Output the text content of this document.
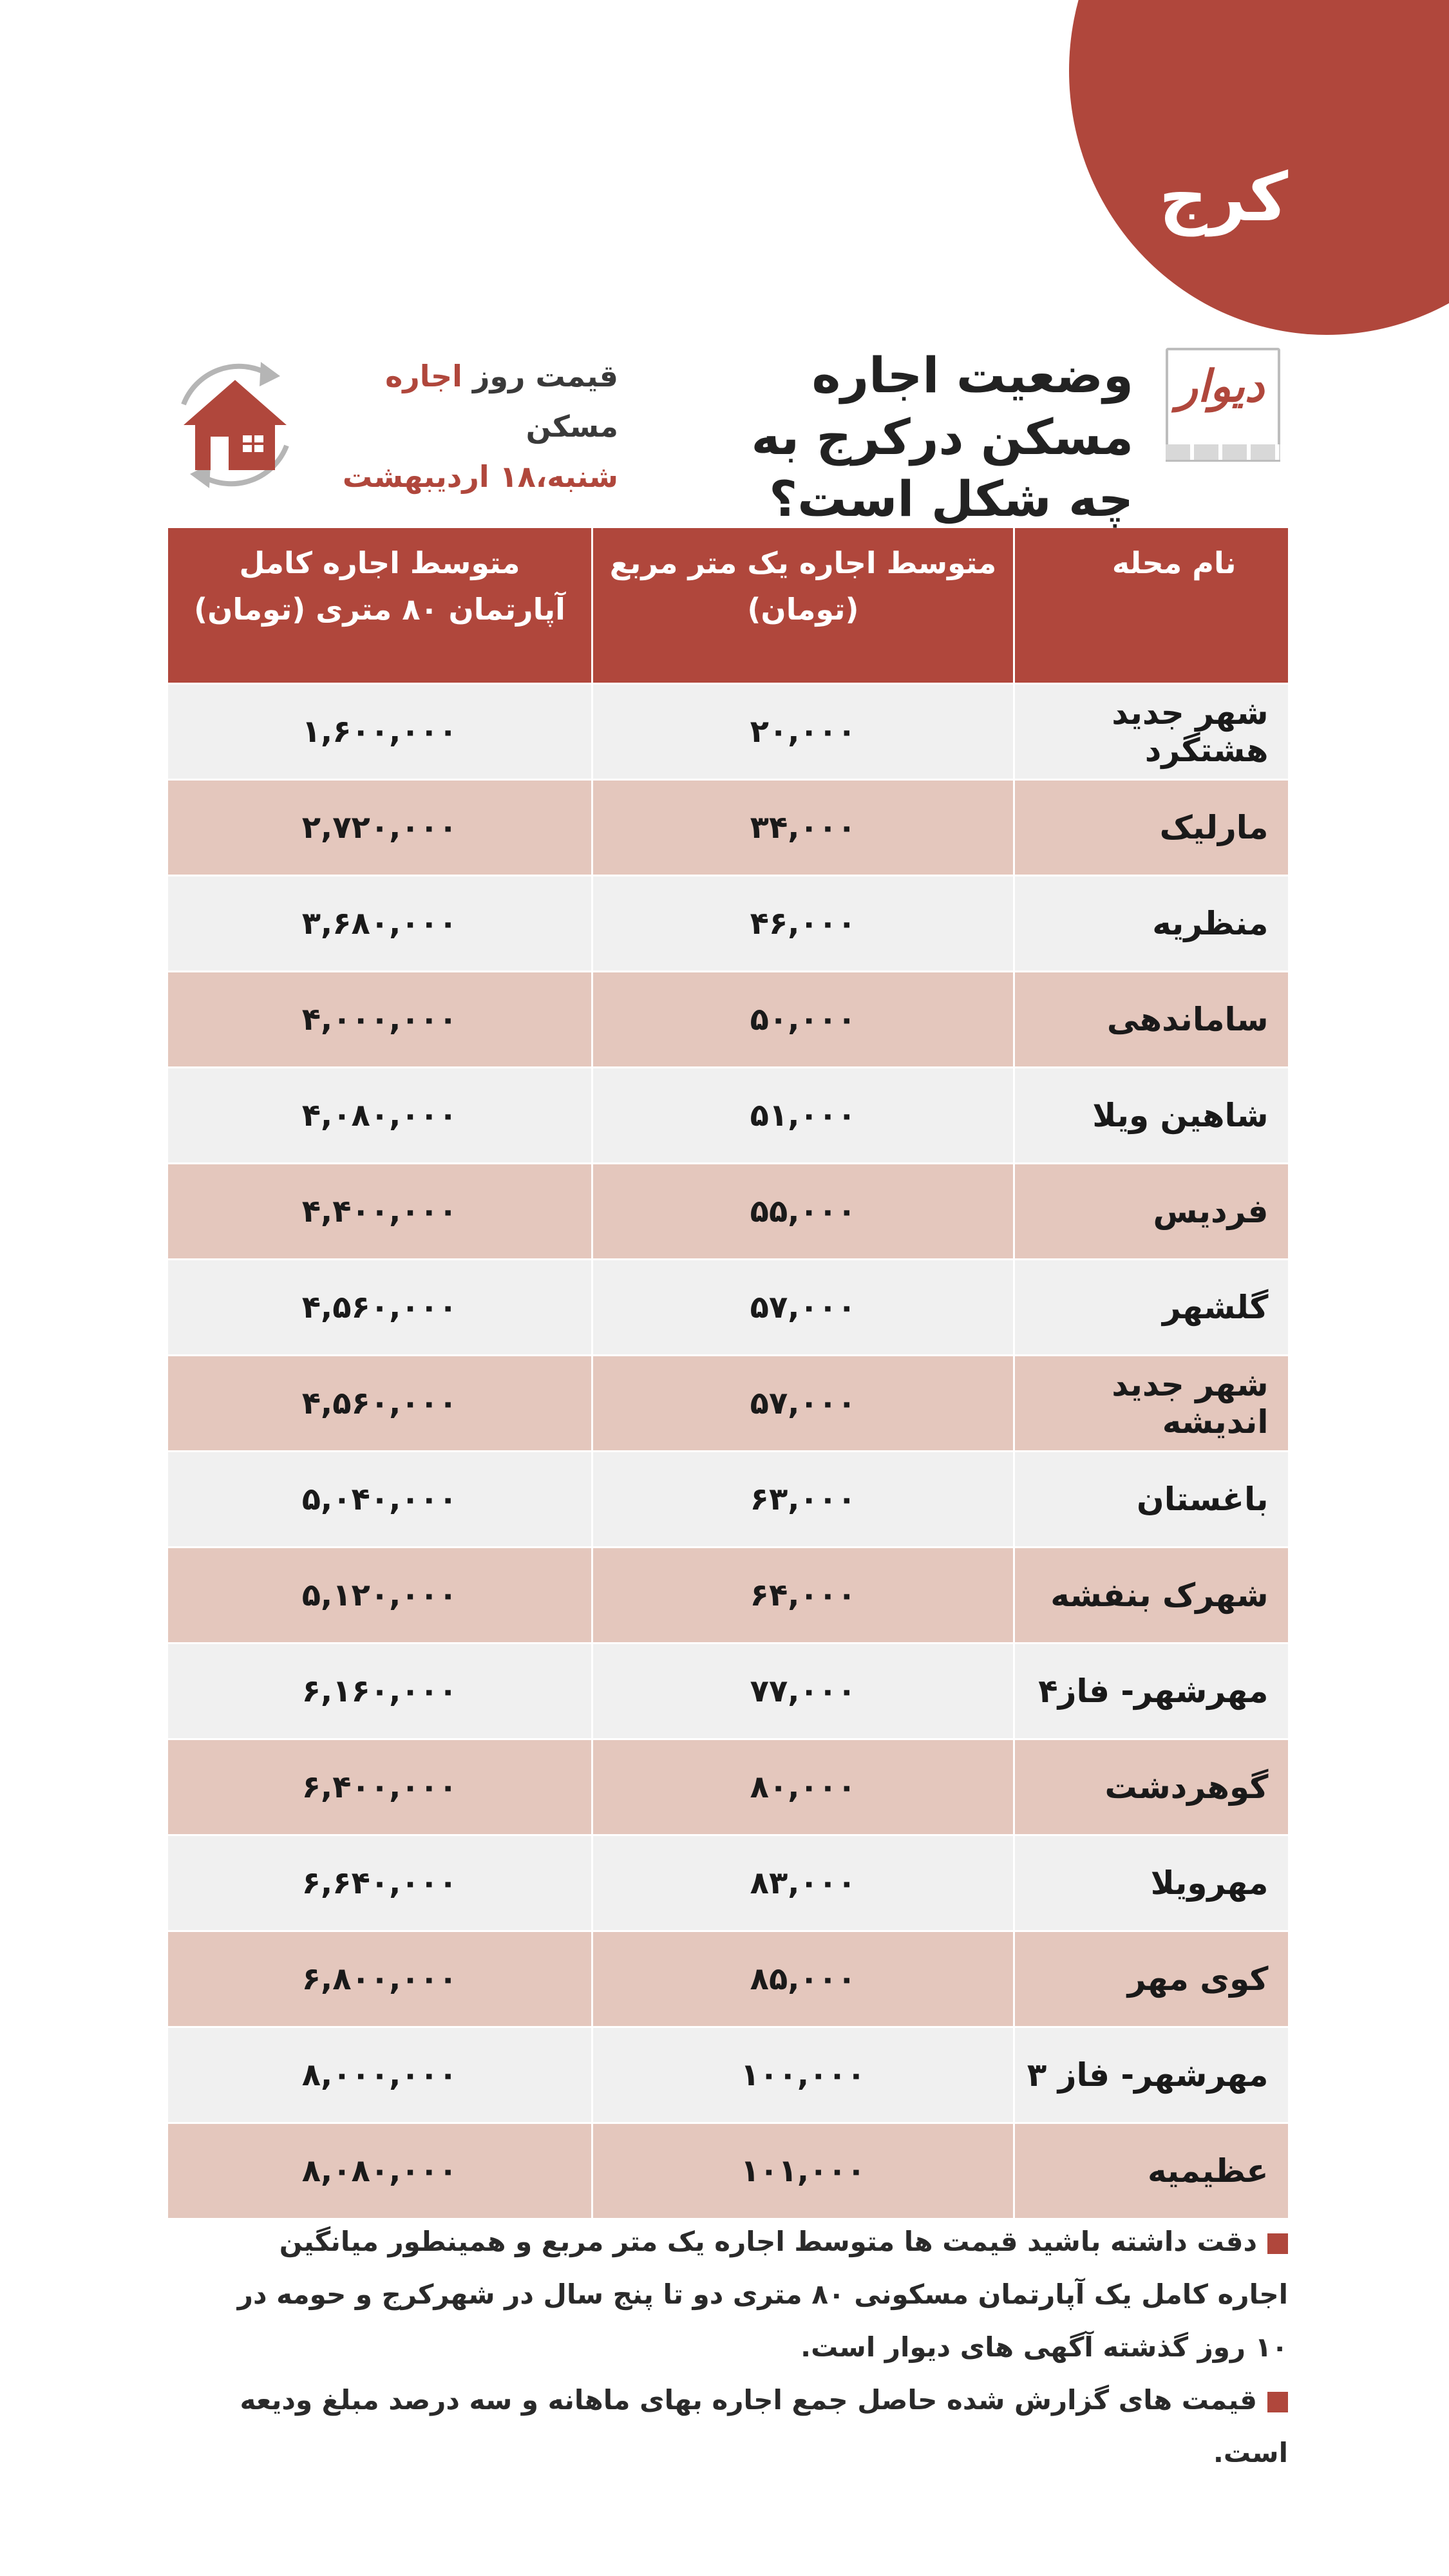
کرج
دیوار
وضعیت اجاره مسکن درکرج به چه شکل است؟
قیمت روز اجاره مسکن
شنبه،۱۸ اردیبهشت
نام محله	متوسط اجاره یک متر مربع (تومان)	متوسط اجاره کامل آپارتمان ۸۰ متری (تومان)
شهر جدید هشتگرد	۲۰,۰۰۰	۱,۶۰۰,۰۰۰
مارلیک	۳۴,۰۰۰	۲,۷۲۰,۰۰۰
منظریه	۴۶,۰۰۰	۳,۶۸۰,۰۰۰
ساماندهی	۵۰,۰۰۰	۴,۰۰۰,۰۰۰
شاهین ویلا	۵۱,۰۰۰	۴,۰۸۰,۰۰۰
فردیس	۵۵,۰۰۰	۴,۴۰۰,۰۰۰
گلشهر	۵۷,۰۰۰	۴,۵۶۰,۰۰۰
شهر جدید اندیشه	۵۷,۰۰۰	۴,۵۶۰,۰۰۰
باغستان	۶۳,۰۰۰	۵,۰۴۰,۰۰۰
شهرک بنفشه	۶۴,۰۰۰	۵,۱۲۰,۰۰۰
مهرشهر- فاز۴	۷۷,۰۰۰	۶,۱۶۰,۰۰۰
گوهردشت	۸۰,۰۰۰	۶,۴۰۰,۰۰۰
مهرویلا	۸۳,۰۰۰	۶,۶۴۰,۰۰۰
کوی مهر	۸۵,۰۰۰	۶,۸۰۰,۰۰۰
مهرشهر- فاز ۳	۱۰۰,۰۰۰	۸,۰۰۰,۰۰۰
عظیمیه	۱۰۱,۰۰۰	۸,۰۸۰,۰۰۰
دقت داشته باشید قیمت ها متوسط اجاره یک متر مربع و همینطور میانگین اجاره کامل یک آپارتمان مسکونی ۸۰ متری دو تا پنج سال در شهرکرج و حومه در ۱۰ روز گذشته آگهی های دیوار است.
قیمت های گزارش شده حاصل جمع اجاره بهای ماهانه و سه درصد مبلغ ودیعه است.
